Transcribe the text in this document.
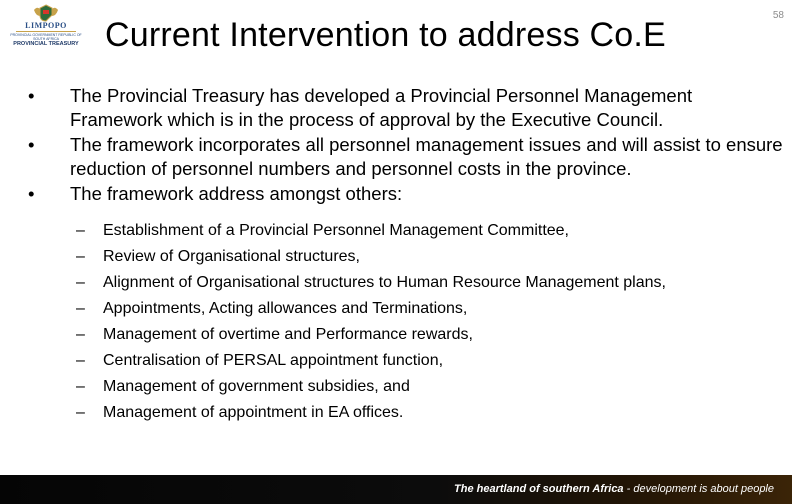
LIMPOPO
PROVINCIAL GOVERNMENT REPUBLIC OF SOUTH AFRICA
PROVINCIAL TREASURY Current Intervention to address Co.E
58
•	The Provincial Treasury has developed a Provincial Personnel Management Framework which is in the process of approval by the Executive Council.
•	The framework incorporates all personnel management issues and will assist to ensure reduction of personnel numbers and personnel costs in the province.
•	The framework address amongst others:
– Establishment of a Provincial Personnel Management Committee,
– Review of Organisational structures,
– Alignment of Organisational structures to Human Resource Management plans,
– Appointments, Acting allowances and Terminations,
– Management of overtime and Performance rewards,
– Centralisation of PERSAL appointment function,
– Management of government subsidies, and
– Management of appointment in EA offices.
The heartland of southern Africa - development is about people
